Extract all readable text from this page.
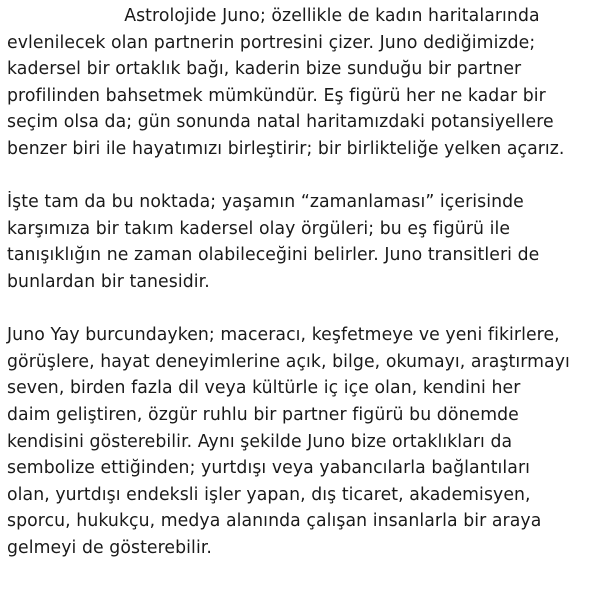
Astrolojide Juno; özellikle de kadın haritalarında
evlenilecek olan partnerin portresini çizer. Juno dediğimizde;
kadersel bir ortaklık bağı, kaderin bize sunduğu bir partner
profilinden bahsetmek mümkündür. Eş figürü her ne kadar bir
seçim olsa da; gün sonunda natal haritamızdaki potansiyellere
benzer biri ile hayatımızı birleştirir; bir birlikteliğe yelken açarız.
İşte tam da bu noktada; yaşamın “zamanlaması” içerisinde
karşımıza bir takım kadersel olay örgüleri; bu eş figürü ile
tanışıklığın ne zaman olabileceğini belirler. Juno transitleri de
bunlardan bir tanesidir.
Juno Yay burcundayken; maceracı, keşfetmeye ve yeni fikirlere,
görüşlere, hayat deneyimlerine açık, bilge, okumayı, araştırmayı
seven, birden fazla dil veya kültürle iç içe olan, kendini her
daim geliştiren, özgür ruhlu bir partner figürü bu dönemde
kendisini gösterebilir. Aynı şekilde Juno bize ortaklıkları da
sembolize ettiğinden; yurtdışı veya yabancılarla bağlantıları
olan, yurtdışı endeksli işler yapan, dış ticaret, akademisyen,
sporcu, hukukçu, medya alanında çalışan insanlarla bir araya
gelmeyi de gösterebilir.
